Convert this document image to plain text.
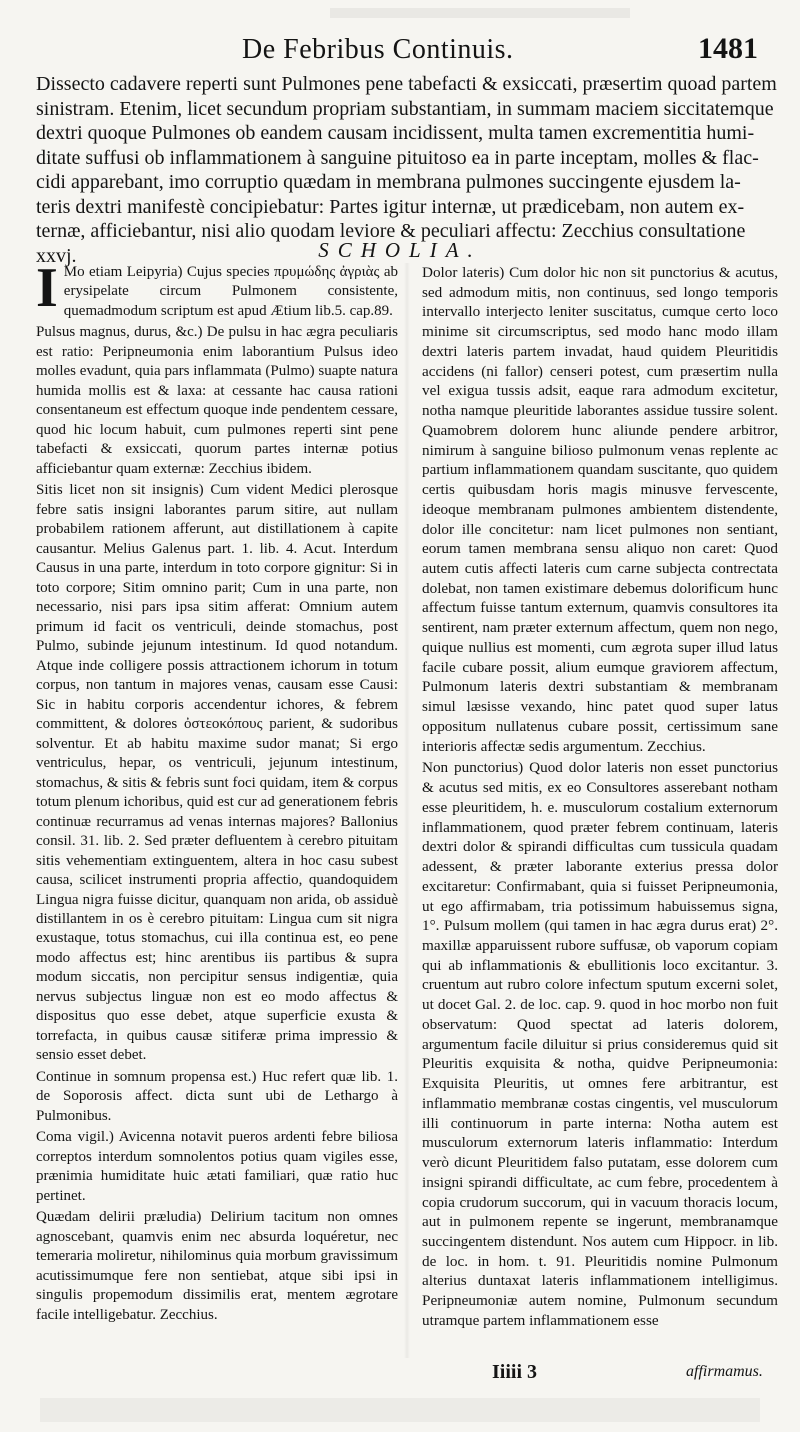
De Febribus Continuis.	1481

Dissecto cadavere reperti sunt Pulmones pene tabefacti & exsiccati, præsertim quoad partem
sinistram. Etenim, licet secundum propriam substantiam, in summam maciem siccitatemque
dextri quoque Pulmones ob eandem causam incidissent, multa tamen excrementitia humi-
ditate suffusi ob inflammationem à sanguine pituitoso ea in parte inceptam, molles & flac-
cidi apparebant, imo corruptio quædam in membrana pulmones succingente ejusdem la-
teris dextri manifestè concipiebatur: Partes igitur internæ, ut prædicebam, non autem ex-
ternæ, afficiebantur, nisi alio quodam leviore & peculiari affectu: Zecchius consultatione
xxvj.	SCHOLIA.

I Mo etiam Leipyria) Cujus species πρυμώδης ἀγριὰς ab erysipelate circum Pulmonem consistente, quemadmodum scriptum est apud Ætium lib.5. cap.89.

Pulsus magnus, durus, &c.) De pulsu in hac ægra peculiaris est ratio: Peripneumonia enim laborantium Pulsus ideo molles evadunt, quia pars inflammata (Pulmo) suapte natura humida mollis est & laxa: at cessante hac causa rationi consentaneum est effectum quoque inde pendentem cessare, quod hic locum habuit, cum pulmones reperti sint pene tabefacti & exsiccati, quorum partes internæ potius afficiebantur quam externæ: Zecchius ibidem.

Sitis licet non sit insignis) Cum vident Medici plerosque febre satis insigni laborantes parum sitire, aut nullam probabilem rationem afferunt, aut distillationem à capite causantur. Melius Galenus part. 1. lib. 4. Acut. Interdum Causus in una parte, interdum in toto corpore gignitur: Si in toto corpore; Sitim omnino parit; Cum in una parte, non necessario, nisi pars ipsa sitim afferat: Omnium autem primum id facit os ventriculi, deinde stomachus, post Pulmo, subinde jejunum intestinum. Id quod notandum. Atque inde colligere possis attractionem ichorum in totum corpus, non tantum in majores venas, causam esse Causi: Sic in habitu corporis accendentur ichores, & febrem committent, & dolores ὀστεοκόπους parient, & sudoribus solventur. Et ab habitu maxime sudor manat; Si ergo ventriculus, hepar, os ventriculi, jejunum intestinum, stomachus, & sitis & febris sunt foci quidam, item & corpus totum plenum ichoribus, quid est cur ad generationem febris continuæ recurramus ad venas internas majores? Ballonius consil. 31. lib. 2. Sed præter defluentem à cerebro pituitam sitis vehementiam extinguentem, altera in hoc casu subest causa, scilicet instrumenti propria affectio, quandoquidem Lingua nigra fuisse dicitur, quanquam non arida, ob assiduè distillantem in os è cerebro pituitam: Lingua cum sit nigra exustaque, totus stomachus, cui illa continua est, eo pene modo affectus est; hinc arentibus iis partibus & supra modum siccatis, non percipitur sensus indigentiæ, quia nervus subjectus linguæ non est eo modo affectus & dispositus quo esse debet, atque superficie exusta & torrefacta, in quibus causæ sitiferæ prima impressio & sensio esset debet.

Continue in somnum propensa est.) Huc refert quæ lib. 1. de Soporosis affect. dicta sunt ubi de Lethargo à Pulmonibus.

Coma vigil.) Avicenna notavit pueros ardenti febre biliosa correptos interdum somnolentos potius quam vigiles esse, prænimia humiditate huic ætati familiari, quæ ratio huc pertinet.

Quædam delirii præludia) Delirium tacitum non omnes agnoscebant, quamvis enim nec absurda loquéretur, nec temeraria moliretur, nihilominus quia morbum gravissimum acutissimumque fere non sentiebat, atque sibi ipsi in singulis propemodum dissimilis erat, mentem ægrotare facile intelligebatur. Zecchius.

Dolor lateris) Cum dolor hic non sit punctorius & acutus, sed admodum mitis, non continuus, sed longo temporis intervallo interjecto leniter suscitatus, cumque certo loco minime sit circumscriptus, sed modo hanc modo illam dextri lateris partem invadat, haud quidem Pleuritidis accidens (ni fallor) censeri potest, cum præsertim nulla vel exigua tussis adsit, eaque rara admodum excitetur, notha namque pleuritide laborantes assidue tussire solent. Quamobrem dolorem hunc aliunde pendere arbitror, nimirum à sanguine bilioso pulmonum venas replente ac partium inflammationem quandam suscitante, quo quidem certis quibusdam horis magis minusve fervescente, ideoque membranam pulmones ambientem distendente, dolor ille concitetur: nam licet pulmones non sentiant, eorum tamen membrana sensu aliquo non caret: Quod autem cutis affecti lateris cum carne subjecta contrectata dolebat, non tamen existimare debemus dolorificum hunc affectum fuisse tantum externum, quamvis consultores ita sentirent, nam præter externum affectum, quem non nego, quique nullius est momenti, cum ægrota super illud latus facile cubare possit, alium eumque graviorem affectum, Pulmonum lateris dextri substantiam & membranam simul læsisse vexando, hinc patet quod super latus oppositum nullatenus cubare possit, certissimum sane interioris affectæ sedis argumentum. Zecchius.

Non punctorius) Quod dolor lateris non esset punctorius & acutus sed mitis, ex eo Consultores asserebant notham esse pleuritidem, h. e. musculorum costalium externorum inflammationem, quod præter febrem continuam, lateris dextri dolor & spirandi difficultas cum tussicula quadam adessent, & præter laborante exterius pressa dolor excitaretur: Confirmabant, quia si fuisset Peripneumonia, ut ego affirmabam, tria potissimum habuissemus signa, 1°. Pulsum mollem (qui tamen in hac ægra durus erat) 2°. maxillæ apparuissent rubore suffusæ, ob vaporum copiam qui ab inflammationis & ebullitionis loco excitantur. 3. cruentum aut rubro colore infectum sputum excerni solet, ut docet Gal. 2. de loc. cap. 9. quod in hoc morbo non fuit observatum: Quod spectat ad lateris dolorem, argumentum facile diluitur si prius consideremus quid sit Pleuritis exquisita & notha, quidve Peripneumonia: Exquisita Pleuritis, ut omnes fere arbitrantur, est inflammatio membranæ costas cingentis, vel musculorum illi continuorum in parte interna: Notha autem est musculorum externorum lateris inflammatio: Interdum verò dicunt Pleuritidem falso putatam, esse dolorem cum insigni spirandi difficultate, ac cum febre, procedentem à copia crudorum succorum, qui in vacuum thoracis locum, aut in pulmonem repente se ingerunt, membranamque succingentem distendunt. Nos autem cum Hippocr. in lib. de loc. in hom. t. 91. Pleuritidis nomine Pulmonum alterius duntaxat lateris inflammationem intelligimus. Peripneumoniæ autem nomine, Pulmonum secundum utramque partem inflammationem esse

Iiiii 3	affirmamus.
